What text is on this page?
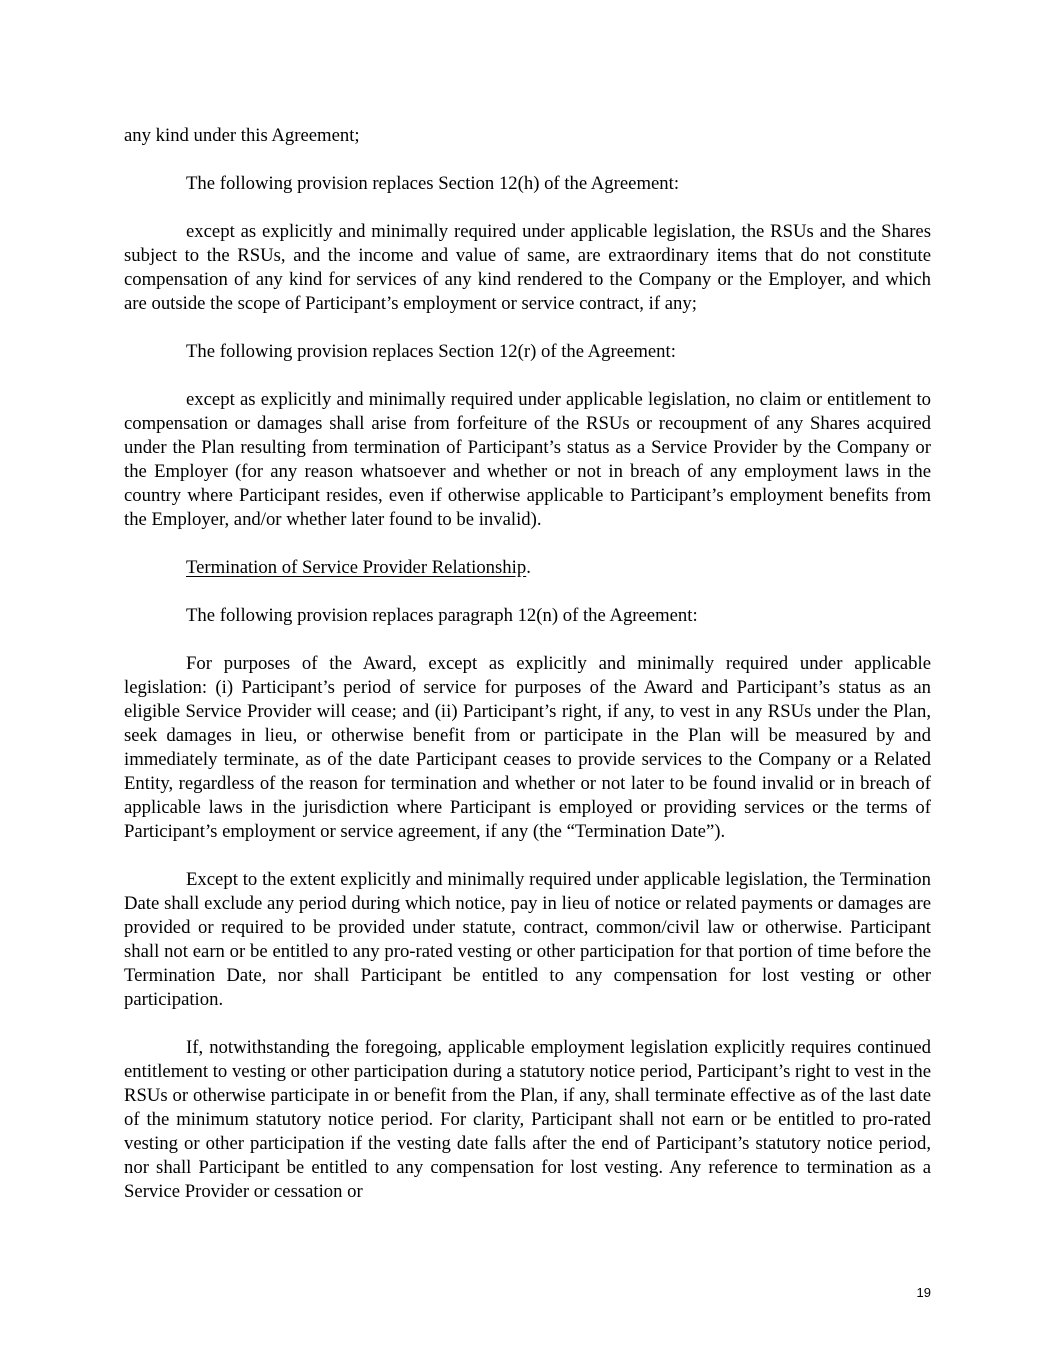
any kind under this Agreement;

The following provision replaces Section 12(h) of the Agreement:

except as explicitly and minimally required under applicable legislation, the RSUs and the Shares subject to the RSUs, and the income and value of same, are extraordinary items that do not constitute compensation of any kind for services of any kind rendered to the Company or the Employer, and which are outside the scope of Participant’s employment or service contract, if any;

The following provision replaces Section 12(r) of the Agreement:

except as explicitly and minimally required under applicable legislation, no claim or entitlement to compensation or damages shall arise from forfeiture of the RSUs or recoupment of any Shares acquired under the Plan resulting from termination of Participant’s status as a Service Provider by the Company or the Employer (for any reason whatsoever and whether or not in breach of any employment laws in the country where Participant resides, even if otherwise applicable to Participant’s employment benefits from the Employer, and/or whether later found to be invalid).

Termination of Service Provider Relationship.

The following provision replaces paragraph 12(n) of the Agreement:

For purposes of the Award, except as explicitly and minimally required under applicable legislation: (i) Participant’s period of service for purposes of the Award and Participant’s status as an eligible Service Provider will cease; and (ii) Participant’s right, if any, to vest in any RSUs under the Plan, seek damages in lieu, or otherwise benefit from or participate in the Plan will be measured by and immediately terminate, as of the date Participant ceases to provide services to the Company or a Related Entity, regardless of the reason for termination and whether or not later to be found invalid or in breach of applicable laws in the jurisdiction where Participant is employed or providing services or the terms of Participant’s employment or service agreement, if any (the “Termination Date”).

Except to the extent explicitly and minimally required under applicable legislation, the Termination Date shall exclude any period during which notice, pay in lieu of notice or related payments or damages are provided or required to be provided under statute, contract, common/civil law or otherwise. Participant shall not earn or be entitled to any pro-rated vesting or other participation for that portion of time before the Termination Date, nor shall Participant be entitled to any compensation for lost vesting or other participation.

If, notwithstanding the foregoing, applicable employment legislation explicitly requires continued entitlement to vesting or other participation during a statutory notice period, Participant’s right to vest in the RSUs or otherwise participate in or benefit from the Plan, if any, shall terminate effective as of the last date of the minimum statutory notice period. For clarity, Participant shall not earn or be entitled to pro-rated vesting or other participation if the vesting date falls after the end of Participant’s statutory notice period, nor shall Participant be entitled to any compensation for lost vesting. Any reference to termination as a Service Provider or cessation or

19
